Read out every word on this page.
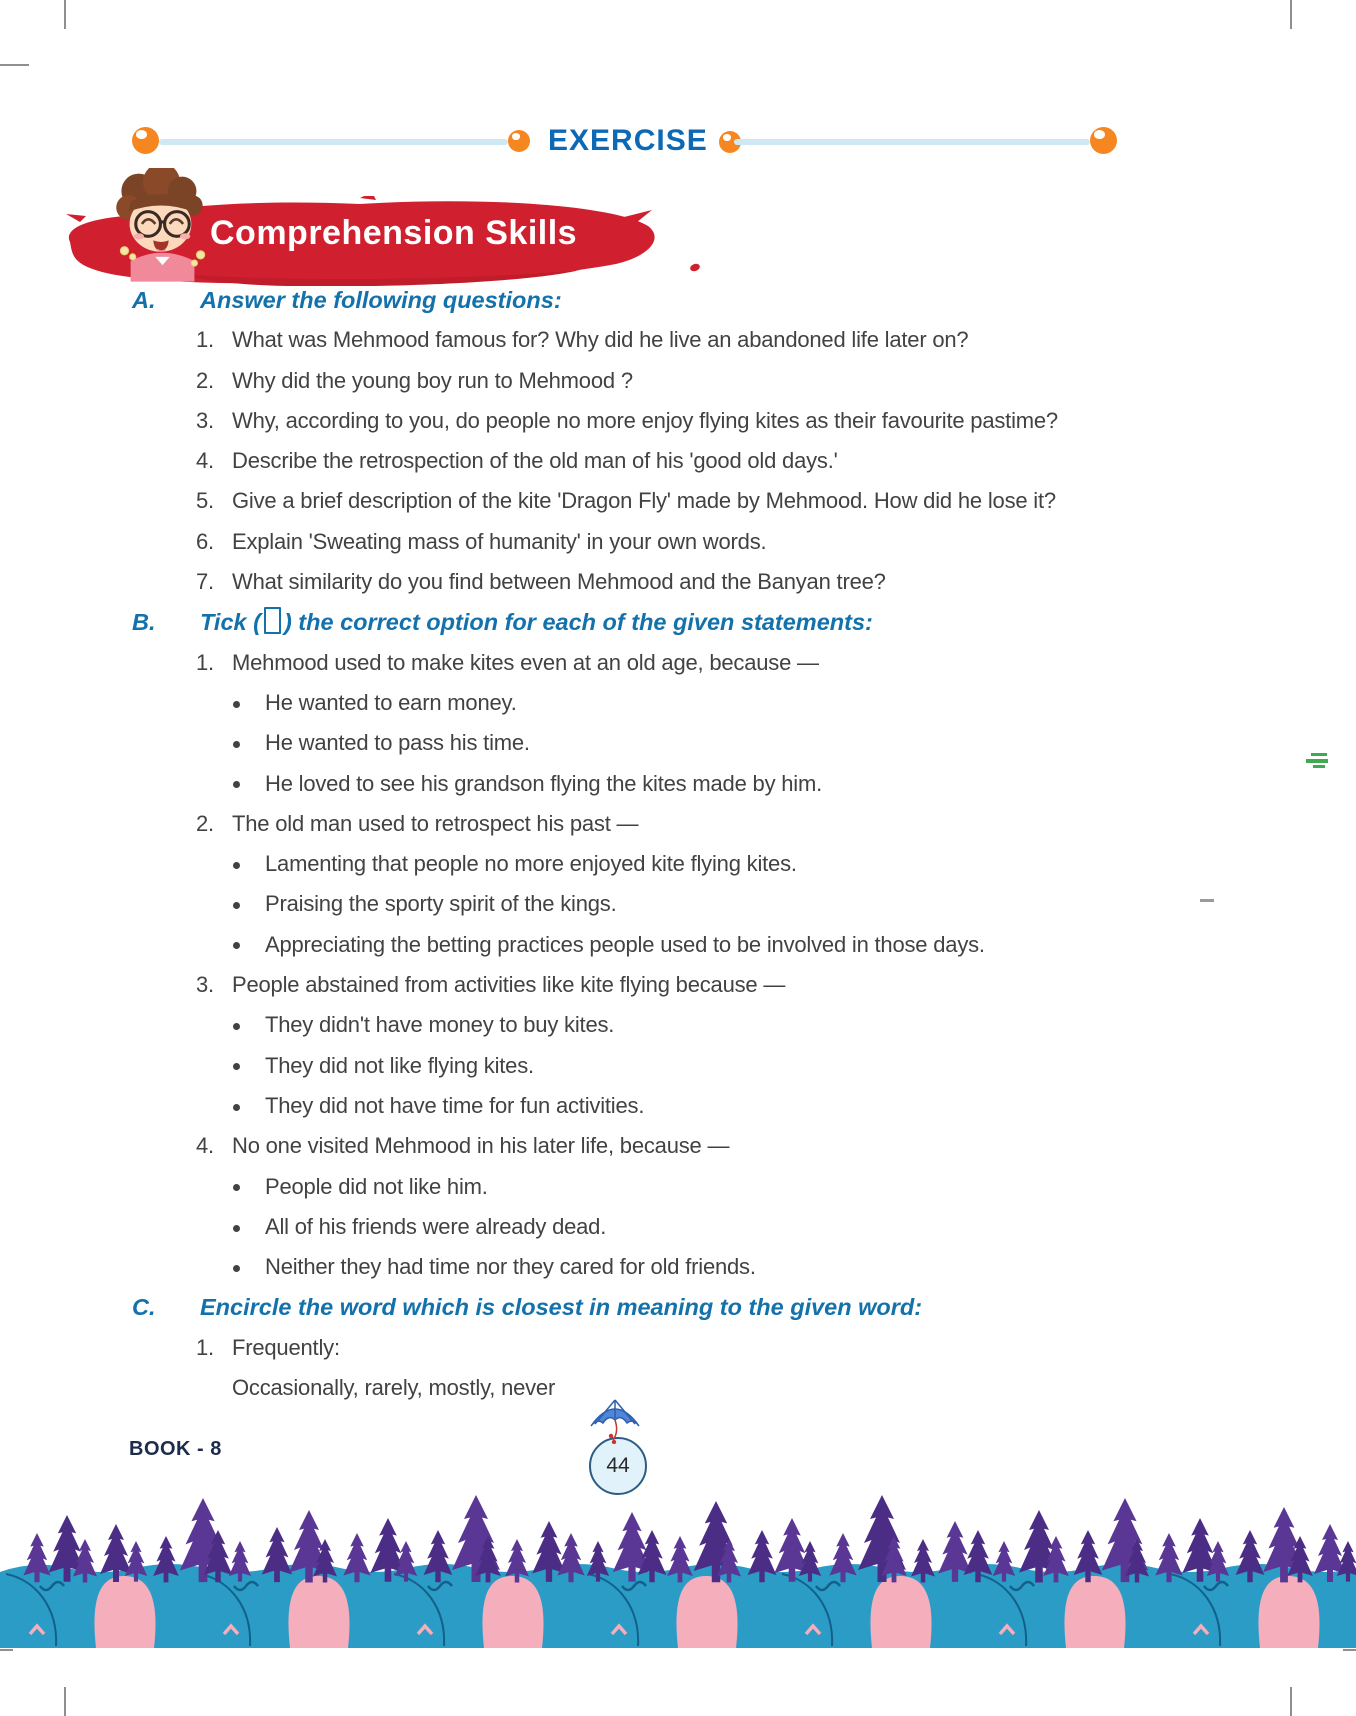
EXERCISE
Comprehension Skills
A. Answer the following questions:
1. What was Mehmood famous for? Why did he live an abandoned life later on?
2. Why did the young boy run to Mehmood ?
3. Why, according to you, do people no more enjoy flying kites as their favourite pastime?
4. Describe the retrospection of the old man of his 'good old days.'
5. Give a brief description of the kite 'Dragon Fly' made by Mehmood. How did he lose it?
6. Explain 'Sweating mass of humanity' in your own words.
7. What similarity do you find between Mehmood and the Banyan tree?
B. Tick ( ) the correct option for each of the given statements:
1. Mehmood used to make kites even at an old age, because —
He wanted to earn money.
He wanted to pass his time.
He loved to see his grandson flying the kites made by him.
2. The old man used to retrospect his past —
Lamenting that people no more enjoyed kite flying kites.
Praising the sporty spirit of the kings.
Appreciating the betting practices people used to be involved in those days.
3. People abstained from activities like kite flying because —
They didn't have money to buy kites.
They did not like flying kites.
They did not have time for fun activities.
4. No one visited Mehmood in his later life, because —
People did not like him.
All of his friends were already dead.
Neither they had time nor they cared for old friends.
C. Encircle the word which is closest in meaning to the given word:
1. Frequently:
Occasionally, rarely, mostly, never
BOOK - 8
44
